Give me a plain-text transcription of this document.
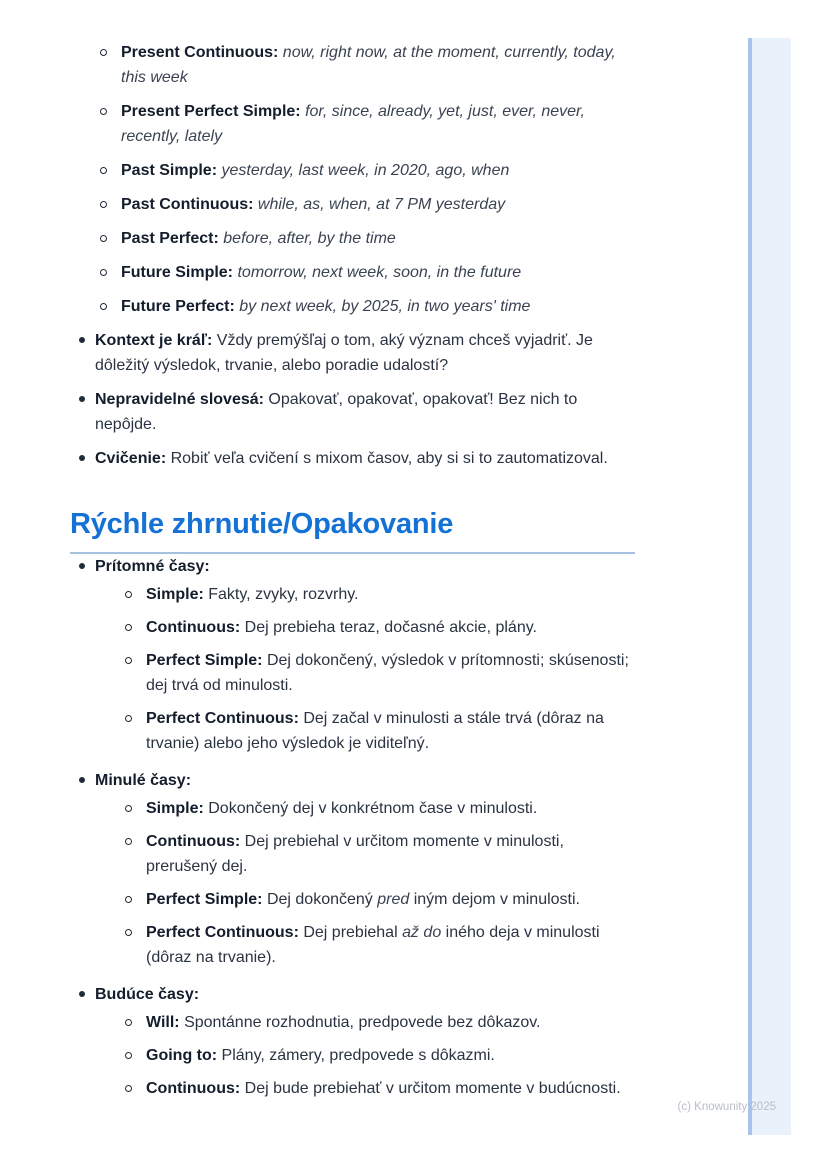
Present Continuous: now, right now, at the moment, currently, today, this week
Present Perfect Simple: for, since, already, yet, just, ever, never, recently, lately
Past Simple: yesterday, last week, in 2020, ago, when
Past Continuous: while, as, when, at 7 PM yesterday
Past Perfect: before, after, by the time
Future Simple: tomorrow, next week, soon, in the future
Future Perfect: by next week, by 2025, in two years' time
Kontext je kráľ: Vždy premýšľaj o tom, aký význam chceš vyjadriť. Je dôležitý výsledok, trvanie, alebo poradie udalostí?
Nepravidelné slovesá: Opakovať, opakovať, opakovať! Bez nich to nepôjde.
Cvičenie: Robiť veľa cvičení s mixom časov, aby si si to zautomatizoval.
Rýchle zhrnutie/Opakovanie
Prítomné časy:
Simple: Fakty, zvyky, rozvrhy.
Continuous: Dej prebieha teraz, dočasné akcie, plány.
Perfect Simple: Dej dokončený, výsledok v prítomnosti; skúsenosti; dej trvá od minulosti.
Perfect Continuous: Dej začal v minulosti a stále trvá (dôraz na trvanie) alebo jeho výsledok je viditeľný.
Minulé časy:
Simple: Dokončený dej v konkrétnom čase v minulosti.
Continuous: Dej prebiehal v určitom momente v minulosti, prerušený dej.
Perfect Simple: Dej dokončený pred iným dejom v minulosti.
Perfect Continuous: Dej prebiehal až do iného deja v minulosti (dôraz na trvanie).
Budúce časy:
Will: Spontánne rozhodnutia, predpovede bez dôkazov.
Going to: Plány, zámery, predpovede s dôkazmi.
Continuous: Dej bude prebiehať v určitom momente v budúcnosti.
(c) Knowunity 2025
